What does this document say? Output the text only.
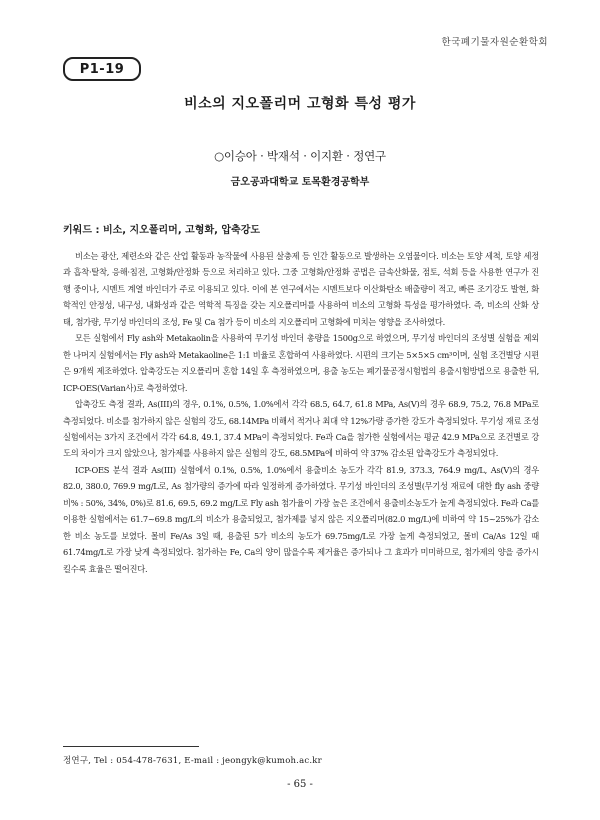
한국폐기물자원순환학회
P1-19
비소의 지오폴리머 고형화 특성 평가
○이승아 · 박재석 · 이지환 · 정연구
금오공과대학교 토목환경공학부
키워드 : 비소, 지오폴리머, 고형화, 압축강도

비소는 광산, 제련소와 같은 산업 활동과 농작물에 사용된 살충제 등 인간 활동으로 발생하는 오염물이다. 비소는 토양 세척, 토양 세정과 흡착·탈착, 응해·침전, 고형화/안정화 등으로 처리하고 있다. 그중 고형화/안정화 공법은 금속산화물, 점토, 석회 등을 사용한 연구가 진행 중이나, 시멘트 계열 바인더가 주로 이용되고 있다. 이에 본 연구에서는 시멘트보다 이산화탄소 배출량이 적고, 빠른 조기강도 발현, 화학적인 안정성, 내구성, 내화성과 같은 역학적 특징을 갖는 지오폴리머를 사용하여 비소의 고형화 특성을 평가하였다. 즉, 비소의 산화 상태, 첨가량, 무기성 바인더의 조성, Fe 및 Ca 첨가 등이 비소의 지오폴리머 고형화에 미치는 영향을 조사하였다.

모든 실험에서 Fly ash와 Metakaolin을 사용하여 무기성 바인더 총량을 1500g으로 하였으며, 무기성 바인더의 조성별 실험을 제외 한 나머지 실험에서는 Fly ash와 Metakaoline은 1:1 비율로 혼합하여 사용하였다. 시편의 크기는 5×5×5 cm³이며, 실험 조건별당 시편은 9개씩 제조하였다. 압축강도는 지오폴리머 혼합 14일 후 측정하였으며, 용출 농도는 폐기물공정시험법의 용출시험방법으로 용출한 뒤, ICP-OES(Varian사)로 측정하였다.

압축강도 측정 결과, As(III)의 경우, 0.1%, 0.5%, 1.0%에서 각각 68.5, 64.7, 61.8 MPa, As(V)의 경우 68.9, 75.2, 76.8 MPa로 측정되었다. 비소를 첨가하지 않은 실험의 강도, 68.14MPa 비해서 적거나 최대 약 12%가량 증가한 강도가 측정되었다. 무기성 재료 조성 실험에서는 3가지 조건에서 각각 64.8, 49.1, 37.4 MPa이 측정되었다. Fe과 Ca을 첨가한 실험에서는 평균 42.9 MPa으로 조건별로 강도의 차이가 크지 않았으나, 첨가제를 사용하지 않은 실험의 강도, 68.5MPa에 비하여 약 37% 감소된 압축강도가 측정되었다.

ICP-OES 분석 결과 As(III) 실험에서 0.1%, 0.5%, 1.0%에서 용출비소 농도가 각각 81.9, 373.3, 764.9 mg/L, As(V)의 경우 82.0, 380.0, 769.9 mg/L로, As 첨가량의 증가에 따라 일정하게 증가하였다. 무기성 바인더의 조성별(무기성 재료에 대한 fly ash 중량비% : 50%, 34%, 0%)로 81.6, 69.5, 69.2 mg/L로 Fly ash 첨가율이 가장 높은 조건에서 용출비소농도가 높게 측정되었다. Fe과 Ca를 이용한 실험에서는 61.7~69.8 mg/L의 비소가 용출되었고, 첨가제를 넣지 않은 지오폴리머(82.0 mg/L)에 비하여 약 15~25%가 감소한 비소 농도를 보였다. 몰비 Fe/As 3일 때, 용출된 5가 비소의 농도가 69.75mg/L로 가장 높게 측정되었고, 몰비 Ca/As 12일 때 61.74mg/L로 가장 낮게 측정되었다. 첨가하는 Fe, Ca의 양이 많을수록 제거율은 증가되나 그 효과가 미미하므로, 첨가제의 양을 증가시킬수록 효율은 떨어진다.

정연구, Tel : 054-478-7631, E-mail : jeongyk@kumoh.ac.kr
- 65 -
